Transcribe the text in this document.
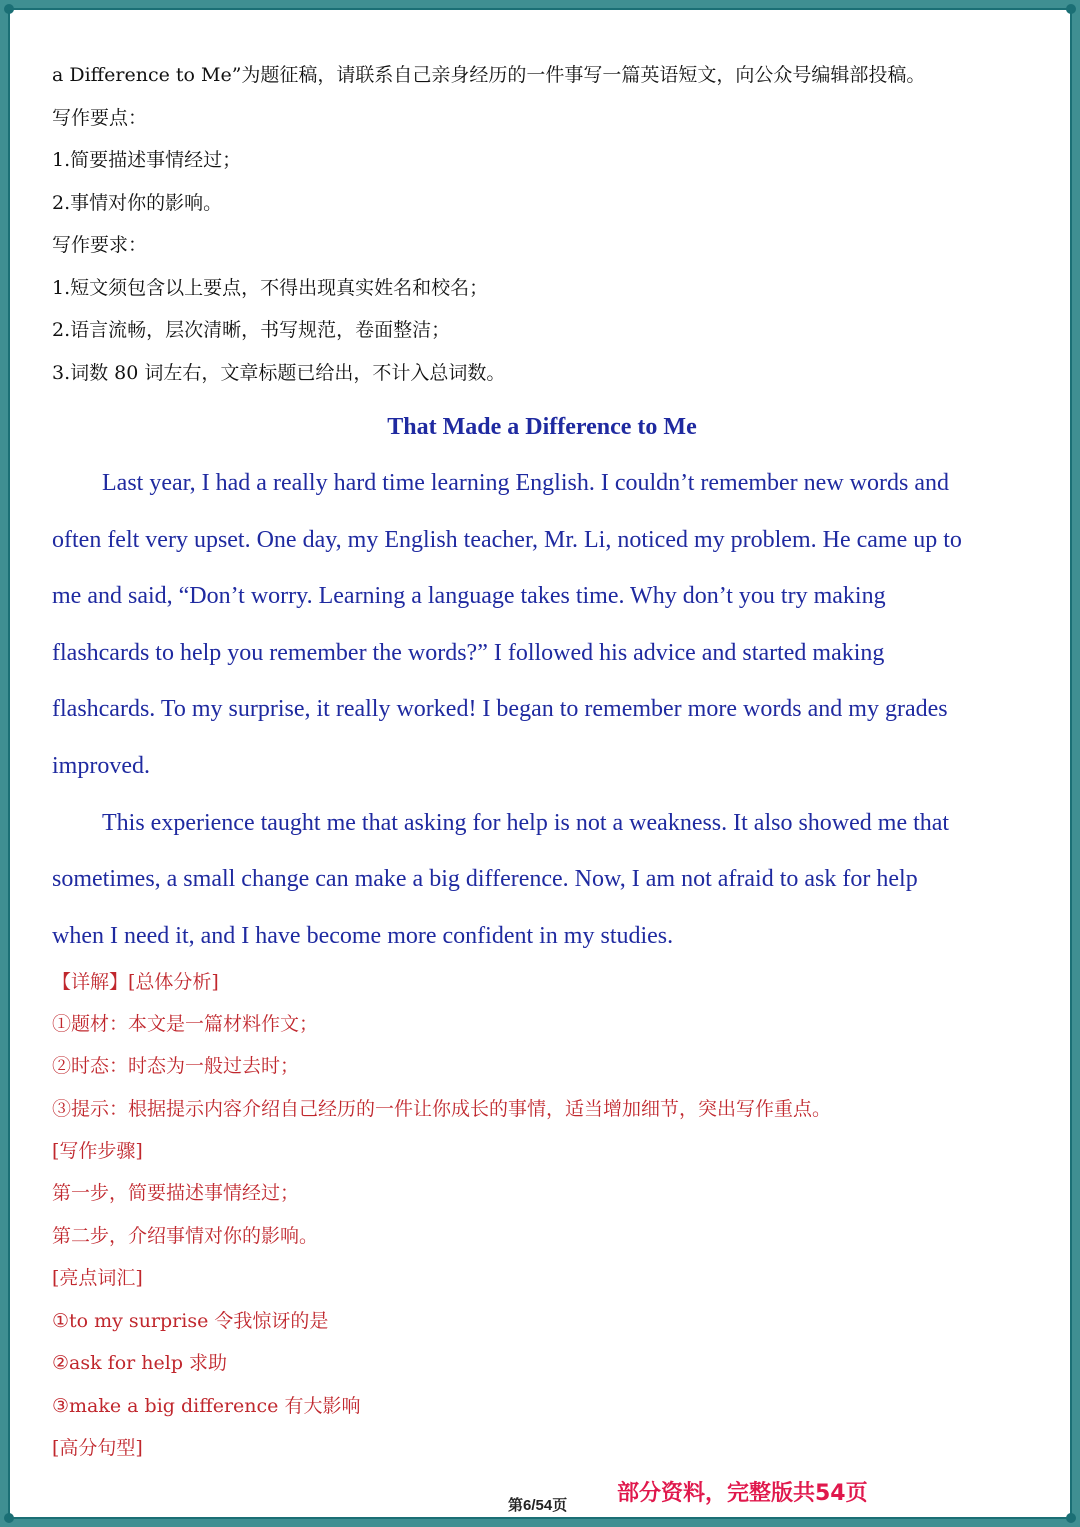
a Difference to Me”为题征稿，请联系自己亲身经历的一件事写一篇英语短文，向公众号编辑部投稿。
写作要点：
1.简要描述事情经过；
2.事情对你的影响。
写作要求：
1.短文须包含以上要点，不得出现真实姓名和校名；
2.语言流畅，层次清晰，书写规范，卷面整洁；
3.词数 80 词左右，文章标题已给出，不计入总词数。
That Made a Difference to Me
Last year, I had a really hard time learning English. I couldn’t remember new words and
often felt very upset. One day, my English teacher, Mr. Li, noticed my problem. He came up to
me and said, “Don’t worry. Learning a language takes time. Why don’t you try making
flashcards to help you remember the words?” I followed his advice and started making
flashcards. To my surprise, it really worked! I began to remember more words and my grades
improved.
This experience taught me that asking for help is not a weakness. It also showed me that
sometimes, a small change can make a big difference. Now, I am not afraid to ask for help
when I need it, and I have become more confident in my studies.
【详解】[总体分析]
①题材：本文是一篇材料作文；
②时态：时态为一般过去时；
③提示：根据提示内容介绍自己经历的一件让你成长的事情，适当增加细节，突出写作重点。
[写作步骤]
第一步，简要描述事情经过；
第二步，介绍事情对你的影响。
[亮点词汇]
①to my surprise 令我惊讶的是
②ask for help 求助
③make a big difference 有大影响
[高分句型]
第6/54页 部分资料，完整版共54页
